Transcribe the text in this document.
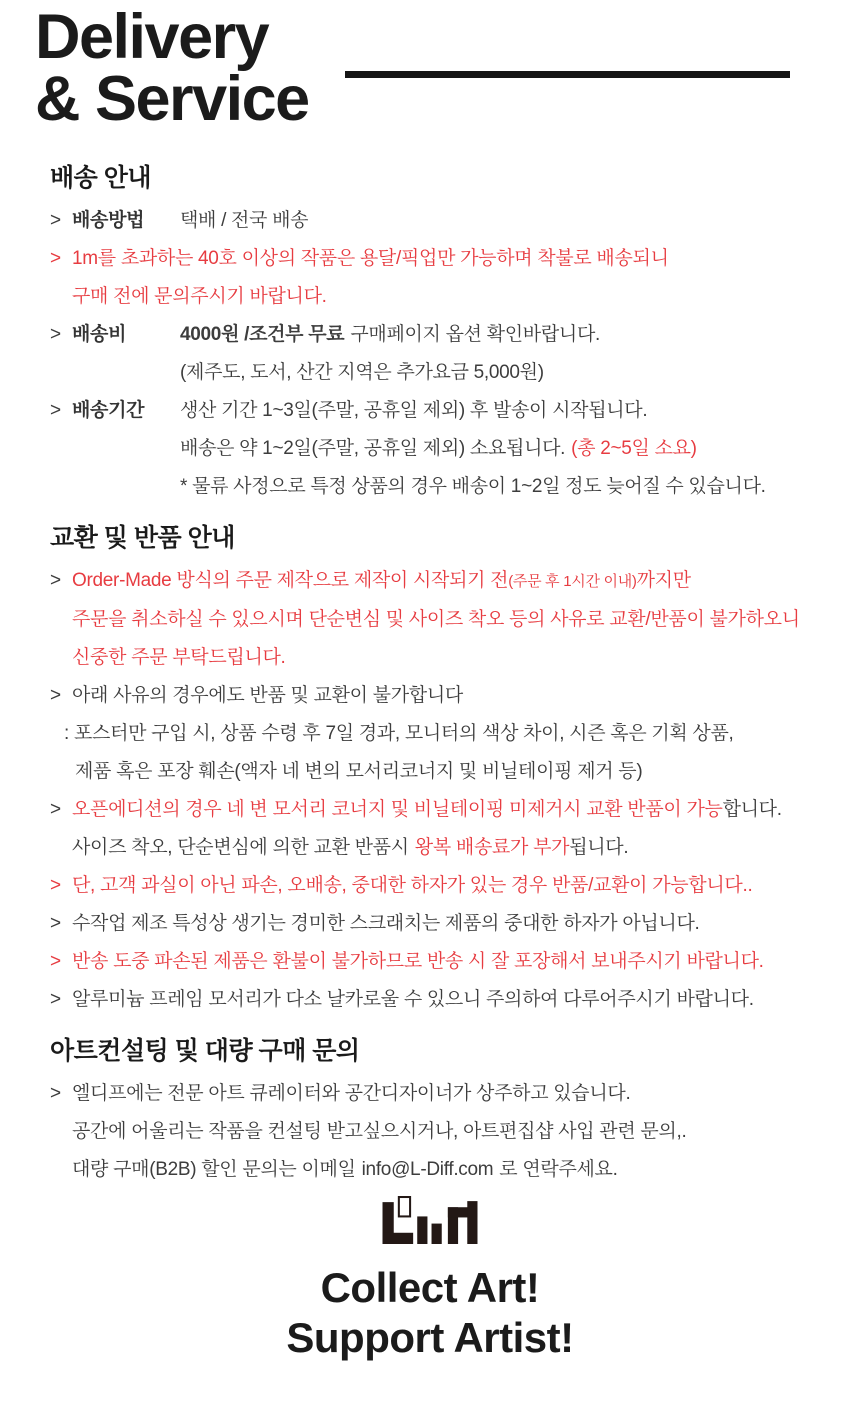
Delivery
& Service
배송 안내
> 배송방법 택배 / 전국 배송
> 1m를 초과하는 40호 이상의 작품은 용달/픽업만 가능하며 착불로 배송되니
구매 전에 문의주시기 바랍니다.
> 배송비	4000원 /조건부 무료 구매페이지 옵션 확인바랍니다.
(제주도, 도서, 산간 지역은 추가요금 5,000원)
> 배송기간 생산 기간 1~3일(주말, 공휴일 제외) 후 발송이 시작됩니다.
배송은 약 1~2일(주말, 공휴일 제외) 소요됩니다. (총 2~5일 소요)
* 물류 사정으로 특정 상품의 경우 배송이 1~2일 정도 늦어질 수 있습니다.
교환 및 반품 안내
> Order-Made 방식의 주문 제작으로 제작이 시작되기 전(주문 후 1시간 이내)까지만
주문을 취소하실 수 있으시며 단순변심 및 사이즈 착오 등의 사유로 교환/반품이 불가하오니
신중한 주문 부탁드립니다.
> 아래 사유의 경우에도 반품 및 교환이 불가합니다
: 포스터만 구입 시, 상품 수령 후 7일 경과, 모니터의 색상 차이, 시즌 혹은 기획 상품,
제품 혹은 포장 훼손(액자 네 변의 모서리코너지 및 비닐테이핑 제거 등)
> 오픈에디션의 경우 네 변 모서리 코너지 및 비닐테이핑 미제거시 교환 반품이 가능합니다.
사이즈 착오, 단순변심에 의한 교환 반품시 왕복 배송료가 부가됩니다.
> 단, 고객 과실이 아닌 파손, 오배송, 중대한 하자가 있는 경우 반품/교환이 가능합니다..
> 수작업 제조 특성상 생기는 경미한 스크래치는 제품의 중대한 하자가 아닙니다.
> 반송 도중 파손된 제품은 환불이 불가하므로 반송 시 잘 포장해서 보내주시기 바랍니다.
> 알루미늄 프레임 모서리가 다소 날카로울 수 있으니 주의하여 다루어주시기 바랍니다.
아트컨설팅 및 대량 구매 문의
> 엘디프에는 전문 아트 큐레이터와 공간디자이너가 상주하고 있습니다.
공간에 어울리는 작품을 컨설팅 받고싶으시거나, 아트편집샵 사입 관련 문의,.
대량 구매(B2B) 할인 문의는 이메일 info@L-Diff.com 로 연락주세요.
Collect Art!
Support Artist!
